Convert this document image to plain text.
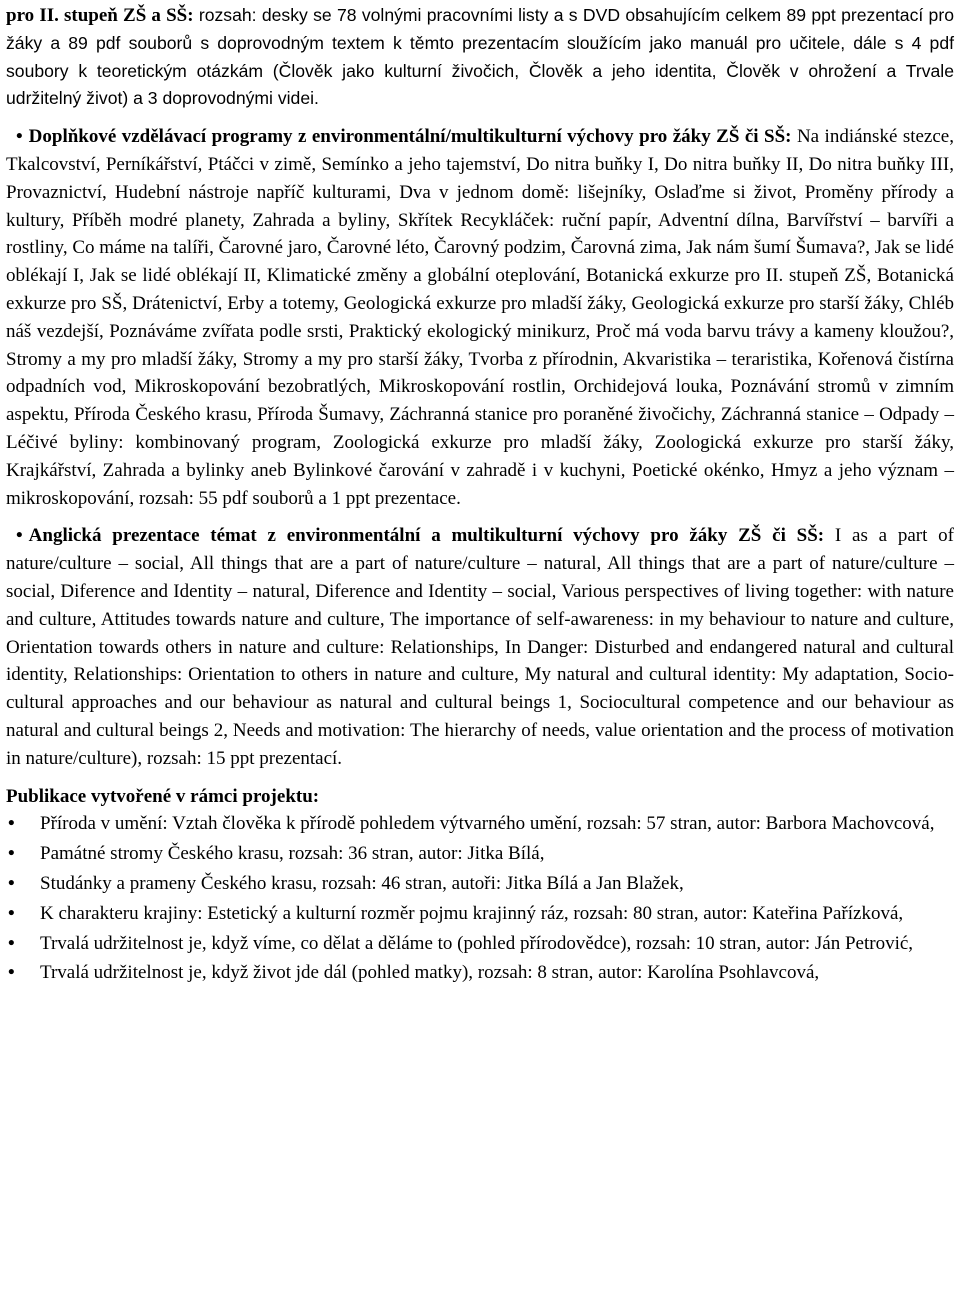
pro II. stupeň ZŠ a SŠ: rozsah: desky se 78 volnými pracovními listy a s DVD obsahujícím celkem 89 ppt prezentací pro žáky a 89 pdf souborů s doprovodným textem k těmto prezentacím sloužícím jako manuál pro učitele, dále s 4 pdf soubory k teoretickým otázkám (Člověk jako kulturní živočich, Člověk a jeho identita, Člověk v ohrožení a Trvale udržitelný život) a 3 doprovodnými videi.

• Doplňkové vzdělávací programy z environmentální/multikulturní výchovy pro žáky ZŠ či SŠ: Na indiánské stezce, Tkalcovství, Perníkářství, Ptáčci v zimě, Semínko a jeho tajemství, Do nitra buňky I, Do nitra buňky II, Do nitra buňky III, Provaznictví, Hudební nástroje napříč kulturami, Dva v jednom domě: lišejníky, Oslaďme si život, Proměny přírody a kultury, Příběh modré planety, Zahrada a byliny, Skřítek Recykláček: ruční papír, Adventní dílna, Barvířství – barvíři a rostliny, Co máme na talíři, Čarovné jaro, Čarovné léto, Čarovný podzim, Čarovná zima, Jak nám šumí Šumava?, Jak se lidé oblékají I, Jak se lidé oblékají II, Klimatické změny a globální oteplování, Botanická exkurze pro II. stupeň ZŠ, Botanická exkurze pro SŠ, Drátenictví, Erby a totemy, Geologická exkurze pro mladší žáky, Geologická exkurze pro starší žáky, Chléb náš vezdejší, Poznáváme zvířata podle srsti, Praktický ekologický minikurz, Proč má voda barvu trávy a kameny kloužou?, Stromy a my pro mladší žáky, Stromy a my pro starší žáky, Tvorba z přírodnin, Akvaristika – teraristika, Kořenová čistírna odpadních vod, Mikroskopování bezobratlých, Mikroskopování rostlin, Orchidejová louka, Poznávání stromů v zimním aspektu, Příroda Českého krasu, Příroda Šumavy, Záchranná stanice pro poraněné živočichy, Záchranná stanice – Odpady – Léčivé byliny: kombinovaný program, Zoologická exkurze pro mladší žáky, Zoologická exkurze pro starší žáky, Krajkářství, Zahrada a bylinky aneb Bylinkové čarování v zahradě i v kuchyni, Poetické okénko, Hmyz a jeho význam – mikroskopování, rozsah: 55 pdf souborů a 1 ppt prezentace.

• Anglická prezentace témat z environmentální a multikulturní výchovy pro žáky ZŠ či SŠ: I as a part of nature/culture – social, All things that are a part of nature/culture – natural, All things that are a part of nature/culture – social, Diference and Identity – natural, Diference and Identity – social, Various perspectives of living together: with nature and culture, Attitudes towards nature and culture, The importance of self-awareness: in my behaviour to nature and culture, Orientation towards others in nature and culture: Relationships, In Danger: Disturbed and endangered natural and cultural identity, Relationships: Orientation to others in nature and culture, My natural and cultural identity: My adaptation, Socio-cultural approaches and our behaviour as natural and cultural beings 1, Sociocultural competence and our behaviour as natural and cultural beings 2, Needs and motivation: The hierarchy of needs, value orientation and the process of motivation in nature/culture), rozsah: 15 ppt prezentací.

Publikace vytvořené v rámci projektu:

• Příroda v umění: Vztah člověka k přírodě pohledem výtvarného umění, rozsah: 57 stran, autor: Barbora Machovcová,
• Památné stromy Českého krasu, rozsah: 36 stran, autor: Jitka Bílá,
• Studánky a prameny Českého krasu, rozsah: 46 stran, autoři: Jitka Bílá a Jan Blažek,
• K charakteru krajiny: Estetický a kulturní rozměr pojmu krajinný ráz, rozsah: 80 stran, autor: Kateřina Pařízková,
• Trvalá udržitelnost je, když víme, co dělat a děláme to (pohled přírodovědce), rozsah: 10 stran, autor: Ján Petrović,
• Trvalá udržitelnost je, když život jde dál (pohled matky), rozsah: 8 stran, autor: Karolína Psohlavcová,
